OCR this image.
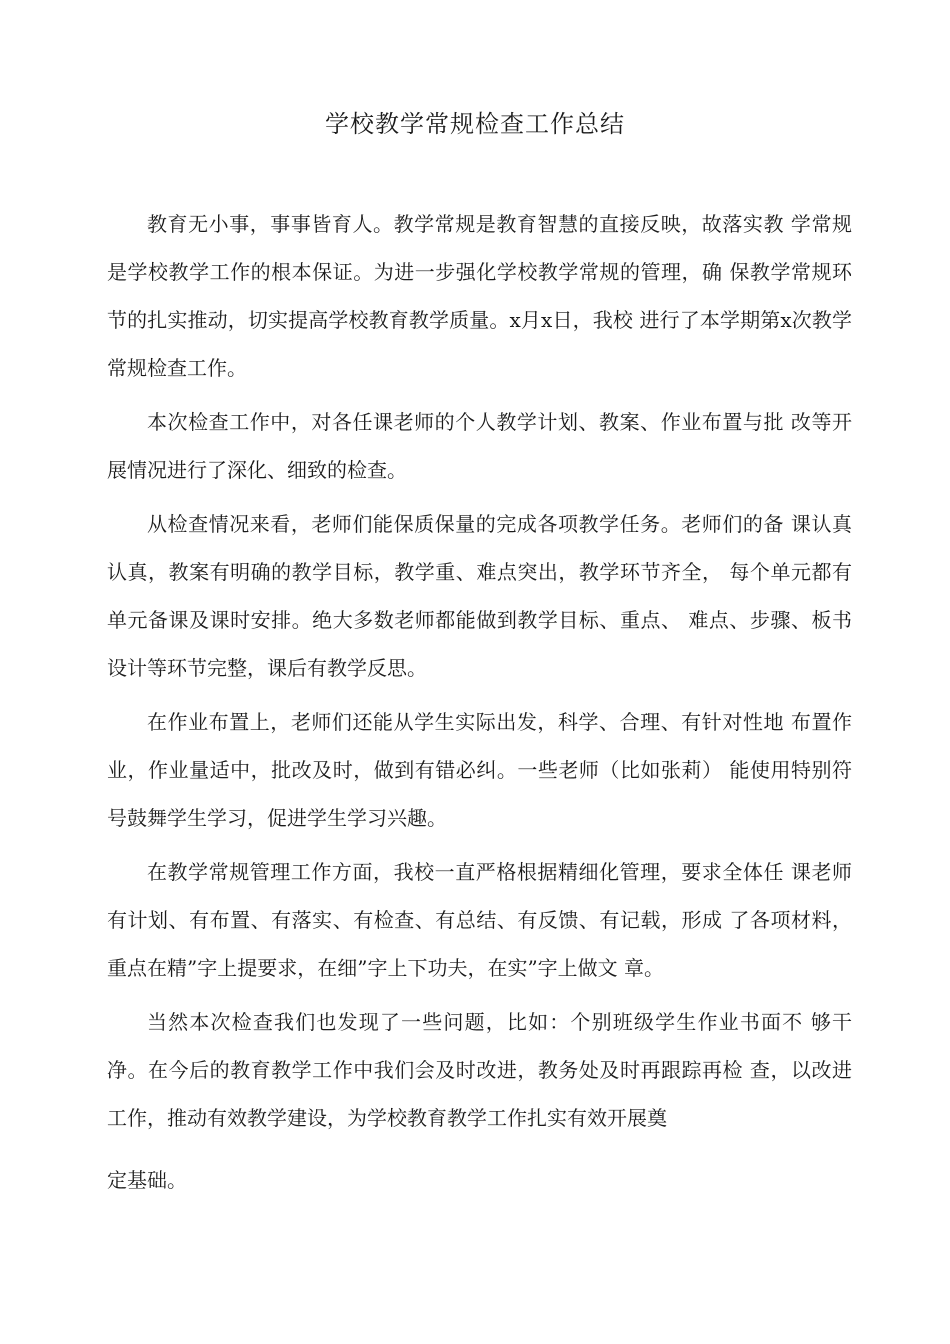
学校教学常规检查工作总结

教育无小事，事事皆育人。教学常规是教育智慧的直接反映，故落实教 学常规是学校教学工作的根本保证。为进一步强化学校教学常规的管理，确 保教学常规环节的扎实推动，切实提高学校教育教学质量。x月x日，我校 进行了本学期第x次教学常规检查工作。

本次检查工作中，对各任课老师的个人教学计划、教案、作业布置与批 改等开展情况进行了深化、细致的检查。

从检查情况来看，老师们能保质保量的完成各项教学任务。老师们的备 课认真认真，教案有明确的教学目标，教学重、难点突出，教学环节齐全， 每个单元都有单元备课及课时安排。绝大多数老师都能做到教学目标、重点、 难点、步骤、板书设计等环节完整，课后有教学反思。

在作业布置上，老师们还能从学生实际出发，科学、合理、有针对性地 布置作业，作业量适中，批改及时，做到有错必纠。一些老师（比如张莉） 能使用特别符号鼓舞学生学习，促进学生学习兴趣。

在教学常规管理工作方面，我校一直严格根据精细化管理，要求全体任 课老师有计划、有布置、有落实、有检查、有总结、有反馈、有记载，形成 了各项材料，重点在精”字上提要求，在细”字上下功夫，在实”字上做文 章。

当然本次检查我们也发现了一些问题，比如：个别班级学生作业书面不 够干净。在今后的教育教学工作中我们会及时改进，教务处及时再跟踪再检 查，以改进工作，推动有效教学建设，为学校教育教学工作扎实有效开展奠

定基础。
